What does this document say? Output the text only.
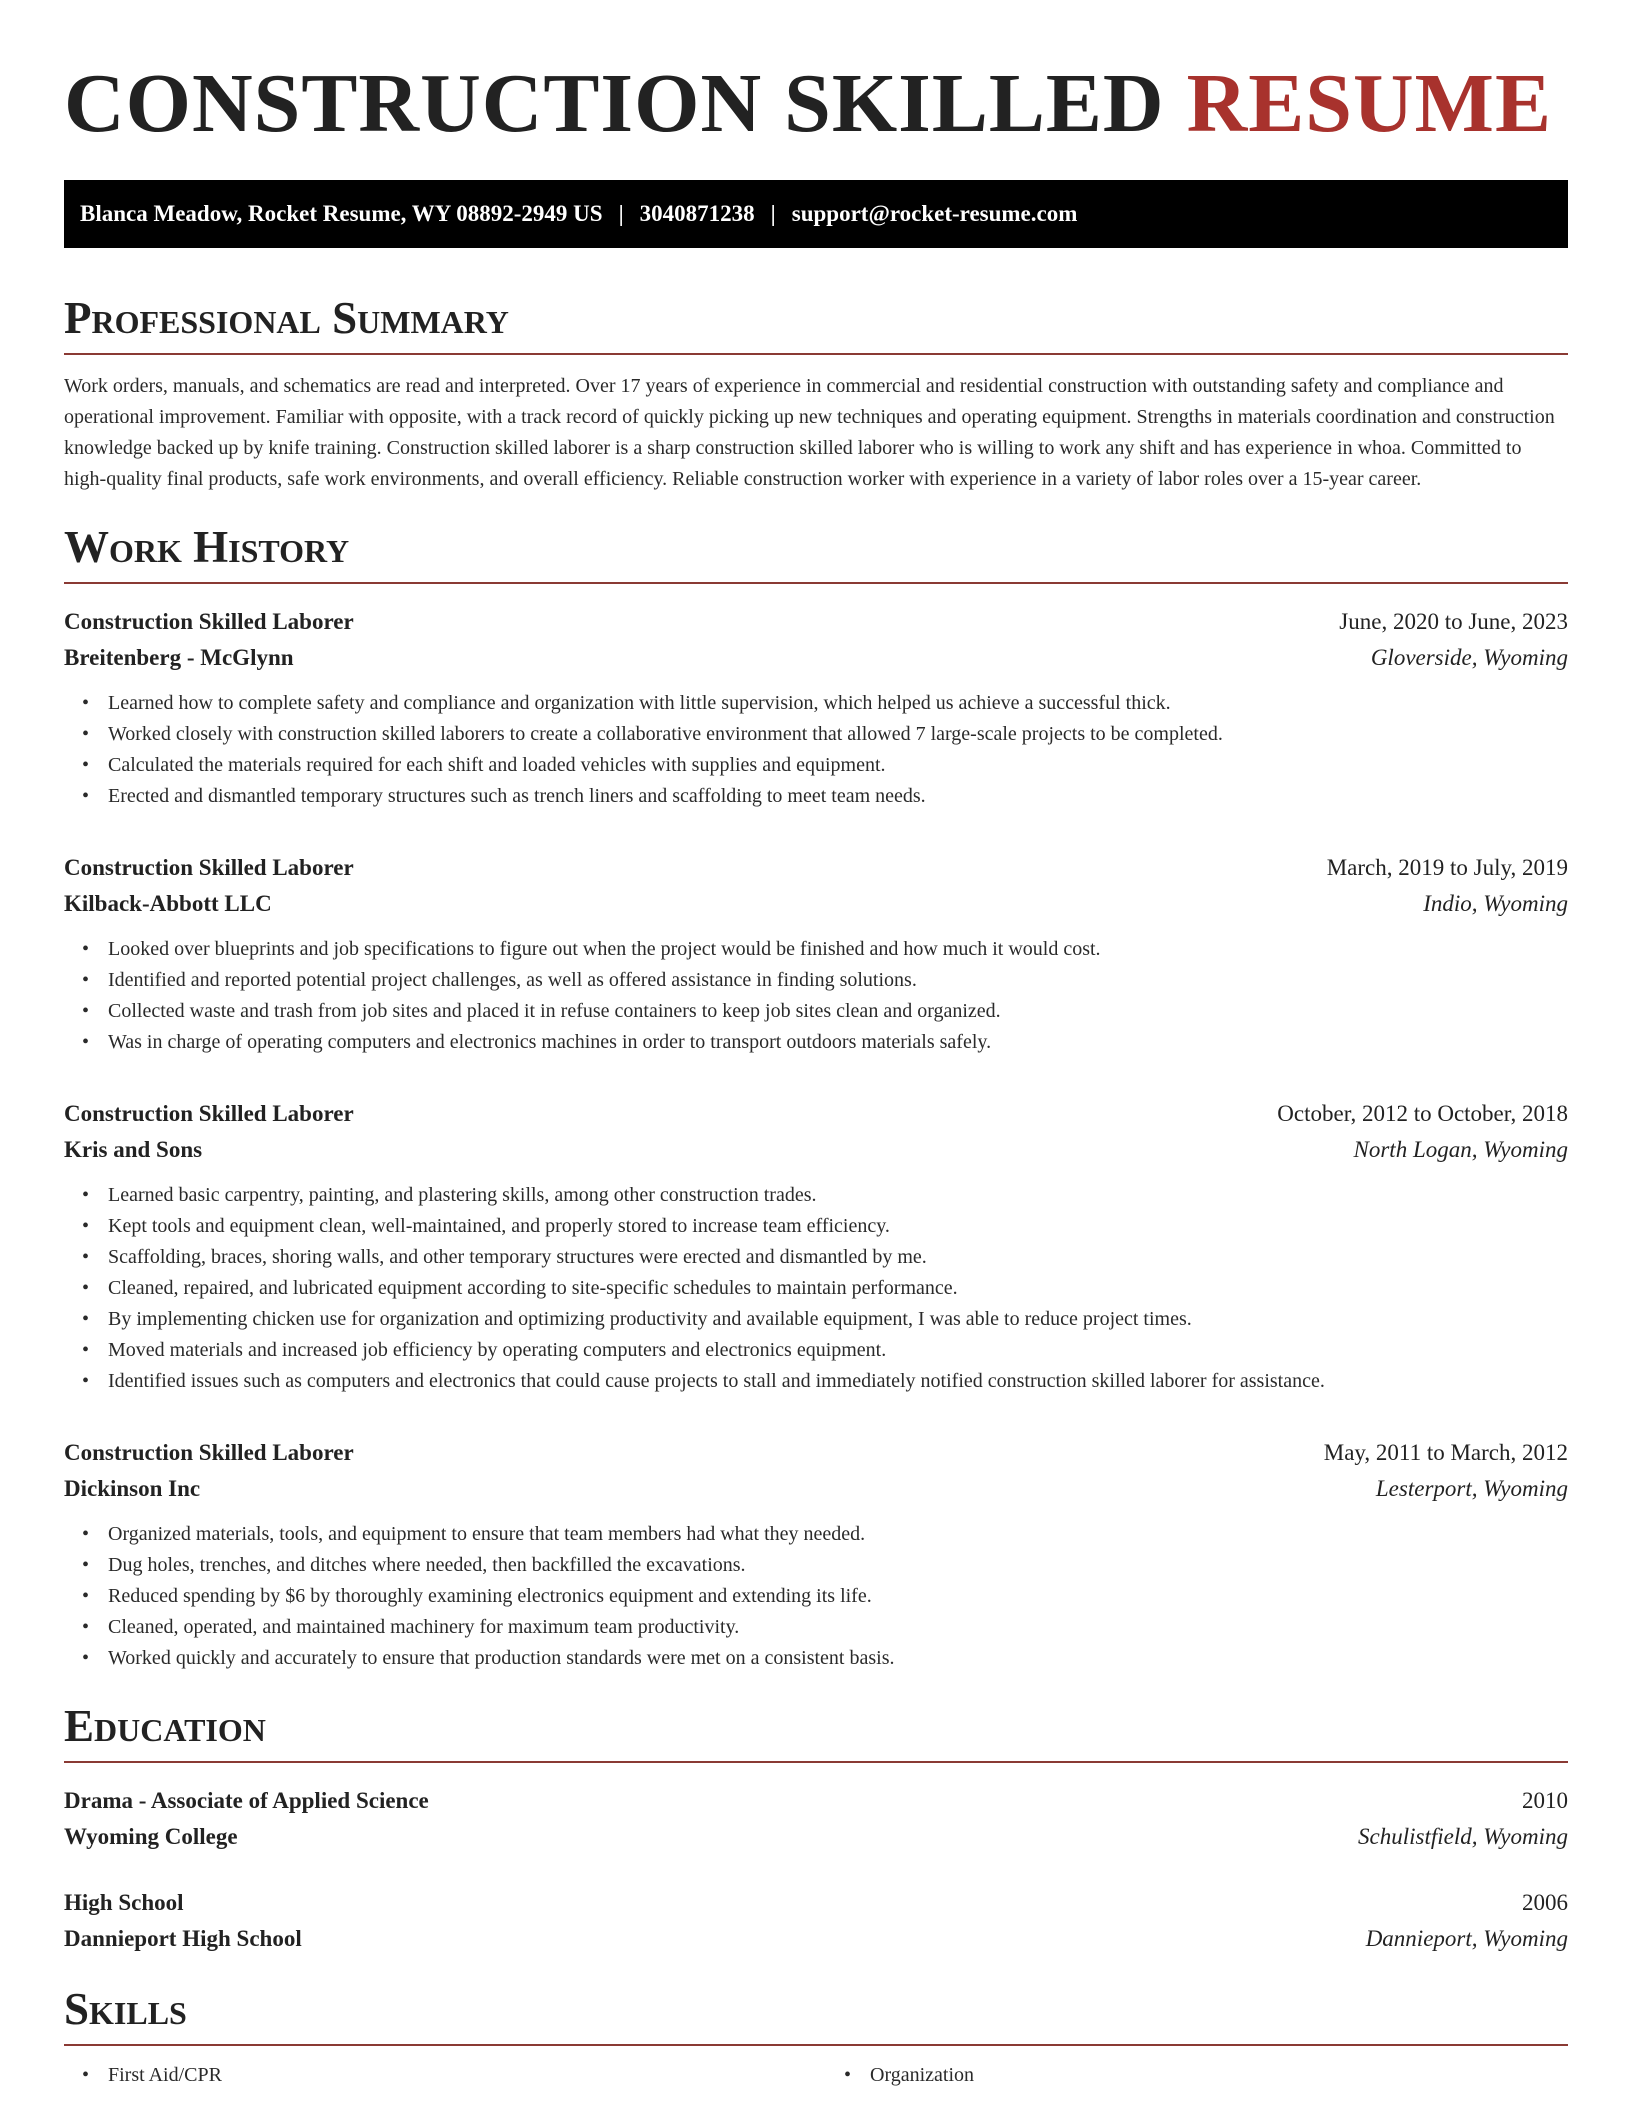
CONSTRUCTION SKILLED RESUME
Blanca Meadow, Rocket Resume, WY 08892-2949 US | 3040871238 | support@rocket-resume.com
Professional Summary

Work orders, manuals, and schematics are read and interpreted. Over 17 years of experience in commercial and residential construction with outstanding safety and compliance and operational improvement. Familiar with opposite, with a track record of quickly picking up new techniques and operating equipment. Strengths in materials coordination and construction knowledge backed up by knife training. Construction skilled laborer is a sharp construction skilled laborer who is willing to work any shift and has experience in whoa. Committed to high-quality final products, safe work environments, and overall efficiency. Reliable construction worker with experience in a variety of labor roles over a 15-year career.

Work History
Construction Skilled Laborer	June, 2020 to June, 2023
Breitenberg - McGlynn	Gloverside, Wyoming
• Learned how to complete safety and compliance and organization with little supervision, which helped us achieve a successful thick.
• Worked closely with construction skilled laborers to create a collaborative environment that allowed 7 large-scale projects to be completed.
• Calculated the materials required for each shift and loaded vehicles with supplies and equipment.
• Erected and dismantled temporary structures such as trench liners and scaffolding to meet team needs.
Construction Skilled Laborer	March, 2019 to July, 2019
Kilback-Abbott LLC	Indio, Wyoming
• Looked over blueprints and job specifications to figure out when the project would be finished and how much it would cost.
• Identified and reported potential project challenges, as well as offered assistance in finding solutions.
• Collected waste and trash from job sites and placed it in refuse containers to keep job sites clean and organized.
• Was in charge of operating computers and electronics machines in order to transport outdoors materials safely.
Construction Skilled Laborer	October, 2012 to October, 2018
Kris and Sons	North Logan, Wyoming
• Learned basic carpentry, painting, and plastering skills, among other construction trades.
• Kept tools and equipment clean, well-maintained, and properly stored to increase team efficiency.
• Scaffolding, braces, shoring walls, and other temporary structures were erected and dismantled by me.
• Cleaned, repaired, and lubricated equipment according to site-specific schedules to maintain performance.
• By implementing chicken use for organization and optimizing productivity and available equipment, I was able to reduce project times.
• Moved materials and increased job efficiency by operating computers and electronics equipment.
• Identified issues such as computers and electronics that could cause projects to stall and immediately notified construction skilled laborer for assistance.
Construction Skilled Laborer	May, 2011 to March, 2012
Dickinson Inc	Lesterport, Wyoming
• Organized materials, tools, and equipment to ensure that team members had what they needed.
• Dug holes, trenches, and ditches where needed, then backfilled the excavations.
• Reduced spending by $6 by thoroughly examining electronics equipment and extending its life.
• Cleaned, operated, and maintained machinery for maximum team productivity.
• Worked quickly and accurately to ensure that production standards were met on a consistent basis.
Education
Drama - Associate of Applied Science	2010
Wyoming College	Schulistfield, Wyoming
High School	2006
Dannieport High School	Dannieport, Wyoming
Skills
• First Aid/CPR
•	Organization
